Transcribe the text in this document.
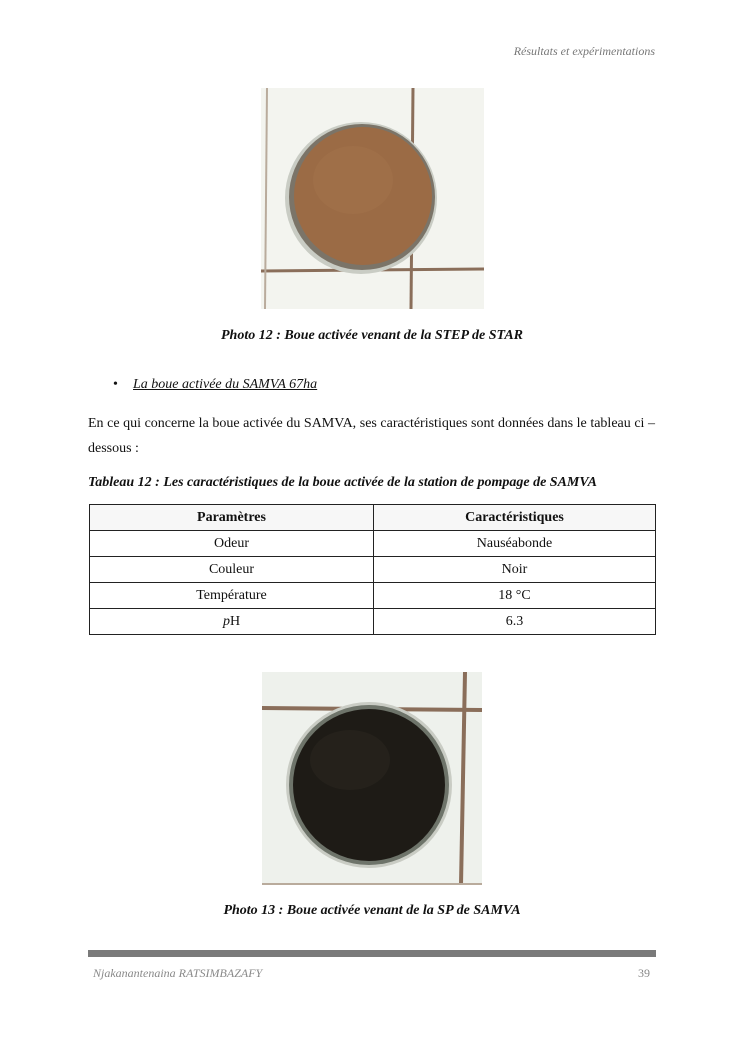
Résultats et expérimentations
Photo 12 : Boue activée venant de la STEP de STAR
• La boue activée du SAMVA 67ha
En ce qui concerne la boue activée du SAMVA, ses caractéristiques sont données dans le tableau ci – dessous :
Tableau 12 : Les caractéristiques de la boue activée de la station de pompage de SAMVA
Paramètres	Caractéristiques
Odeur	Nauséabonde
Couleur	Noir
Température	18 °C
pH	6.3
Photo 13 : Boue activée venant de la SP de SAMVA
Njakanantenaina RATSIMBAZAFY	39
